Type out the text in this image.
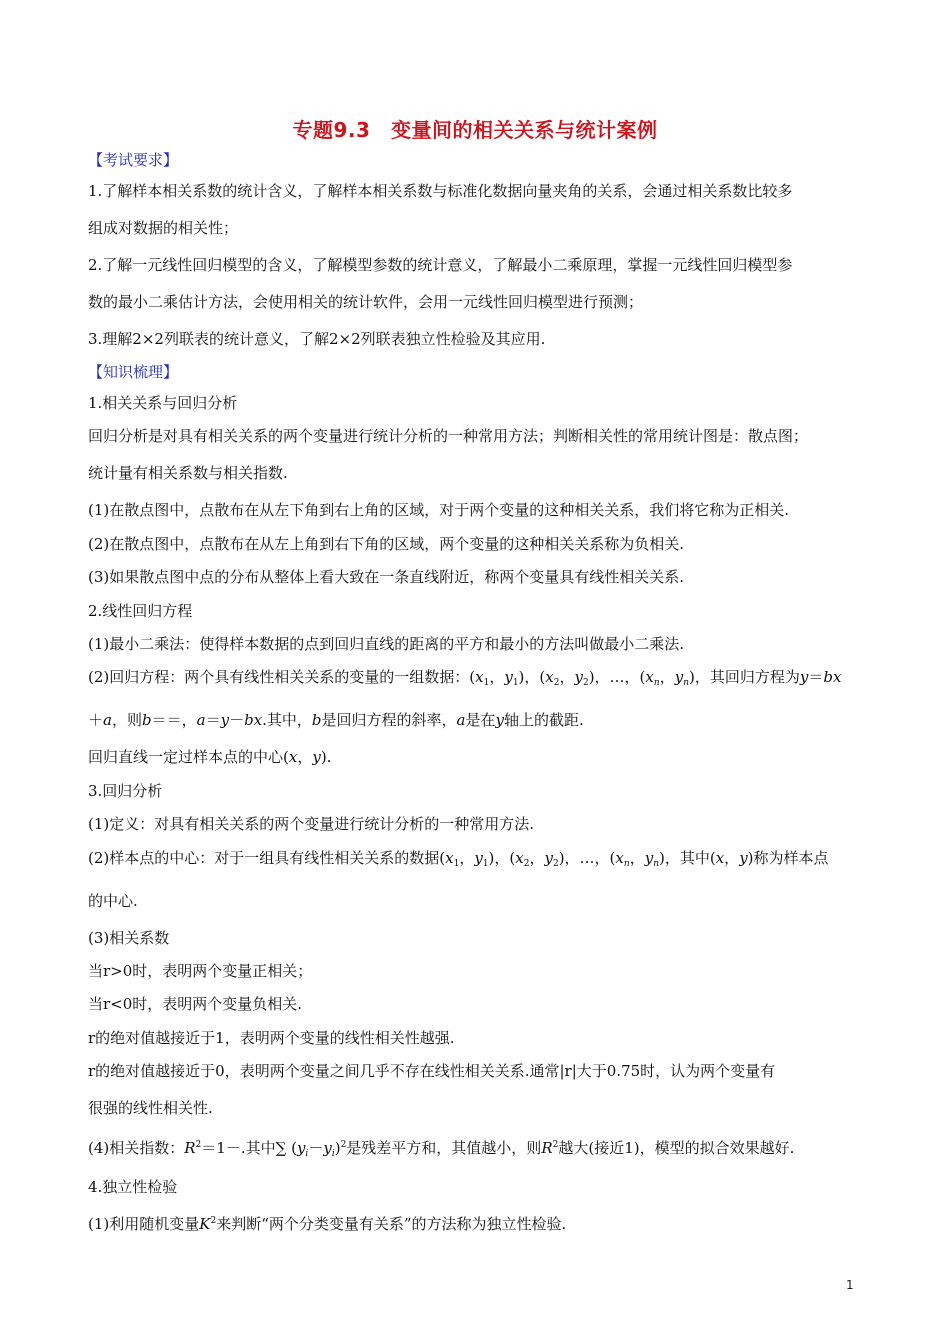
专题9.3　变量间的相关关系与统计案例
【考试要求】
1.了解样本相关系数的统计含义，了解样本相关系数与标准化数据向量夹角的关系，会通过相关系数比较多
组成对数据的相关性；
2.了解一元线性回归模型的含义，了解模型参数的统计意义，了解最小二乘原理，掌握一元线性回归模型参
数的最小二乘估计方法，会使用相关的统计软件，会用一元线性回归模型进行预测；
3.理解2×2列联表的统计意义，了解2×2列联表独立性检验及其应用.
【知识梳理】
1.相关关系与回归分析
回归分析是对具有相关关系的两个变量进行统计分析的一种常用方法；判断相关性的常用统计图是：散点图；
统计量有相关系数与相关指数.
(1)在散点图中，点散布在从左下角到右上角的区域，对于两个变量的这种相关关系，我们将它称为正相关.
(2)在散点图中，点散布在从左上角到右下角的区域，两个变量的这种相关关系称为负相关.
(3)如果散点图中点的分布从整体上看大致在一条直线附近，称两个变量具有线性相关关系.
2.线性回归方程
(1)最小二乘法：使得样本数据的点到回归直线的距离的平方和最小的方法叫做最小二乘法.
(2)回归方程：两个具有线性相关关系的变量的一组数据：($x_1$，$y_1$)，($x_2$，$y_2$)，…，($x_n$，$y_n$)，其回归方程为y＝bx
＋a，则b＝＝，a＝y－bx.其中，b是回归方程的斜率，a是在y轴上的截距.
回归直线一定过样本点的中心(x，y).
3.回归分析
(1)定义：对具有相关关系的两个变量进行统计分析的一种常用方法.
(2)样本点的中心：对于一组具有线性相关关系的数据($x_1$，$y_1$)，($x_2$，$y_2$)，…，($x_n$，$y_n$)，其中(x，y)称为样本点
的中心.
(3)相关系数
当r>0时，表明两个变量正相关；
当r<0时，表明两个变量负相关.
r的绝对值越接近于1，表明两个变量的线性相关性越强.
r的绝对值越接近于0，表明两个变量之间几乎不存在线性相关关系.通常|r|大于0.75时，认为两个变量有
很强的线性相关性.
(4)相关指数：$R^2=1-$.其中∑ $(y_i-y_i)^2$是残差平方和，其值越小，则$R^2$越大(接近1)，模型的拟合效果越好.
4.独立性检验
(1)利用随机变量$K^2$来判断“两个分类变量有关系”的方法称为独立性检验.
1
